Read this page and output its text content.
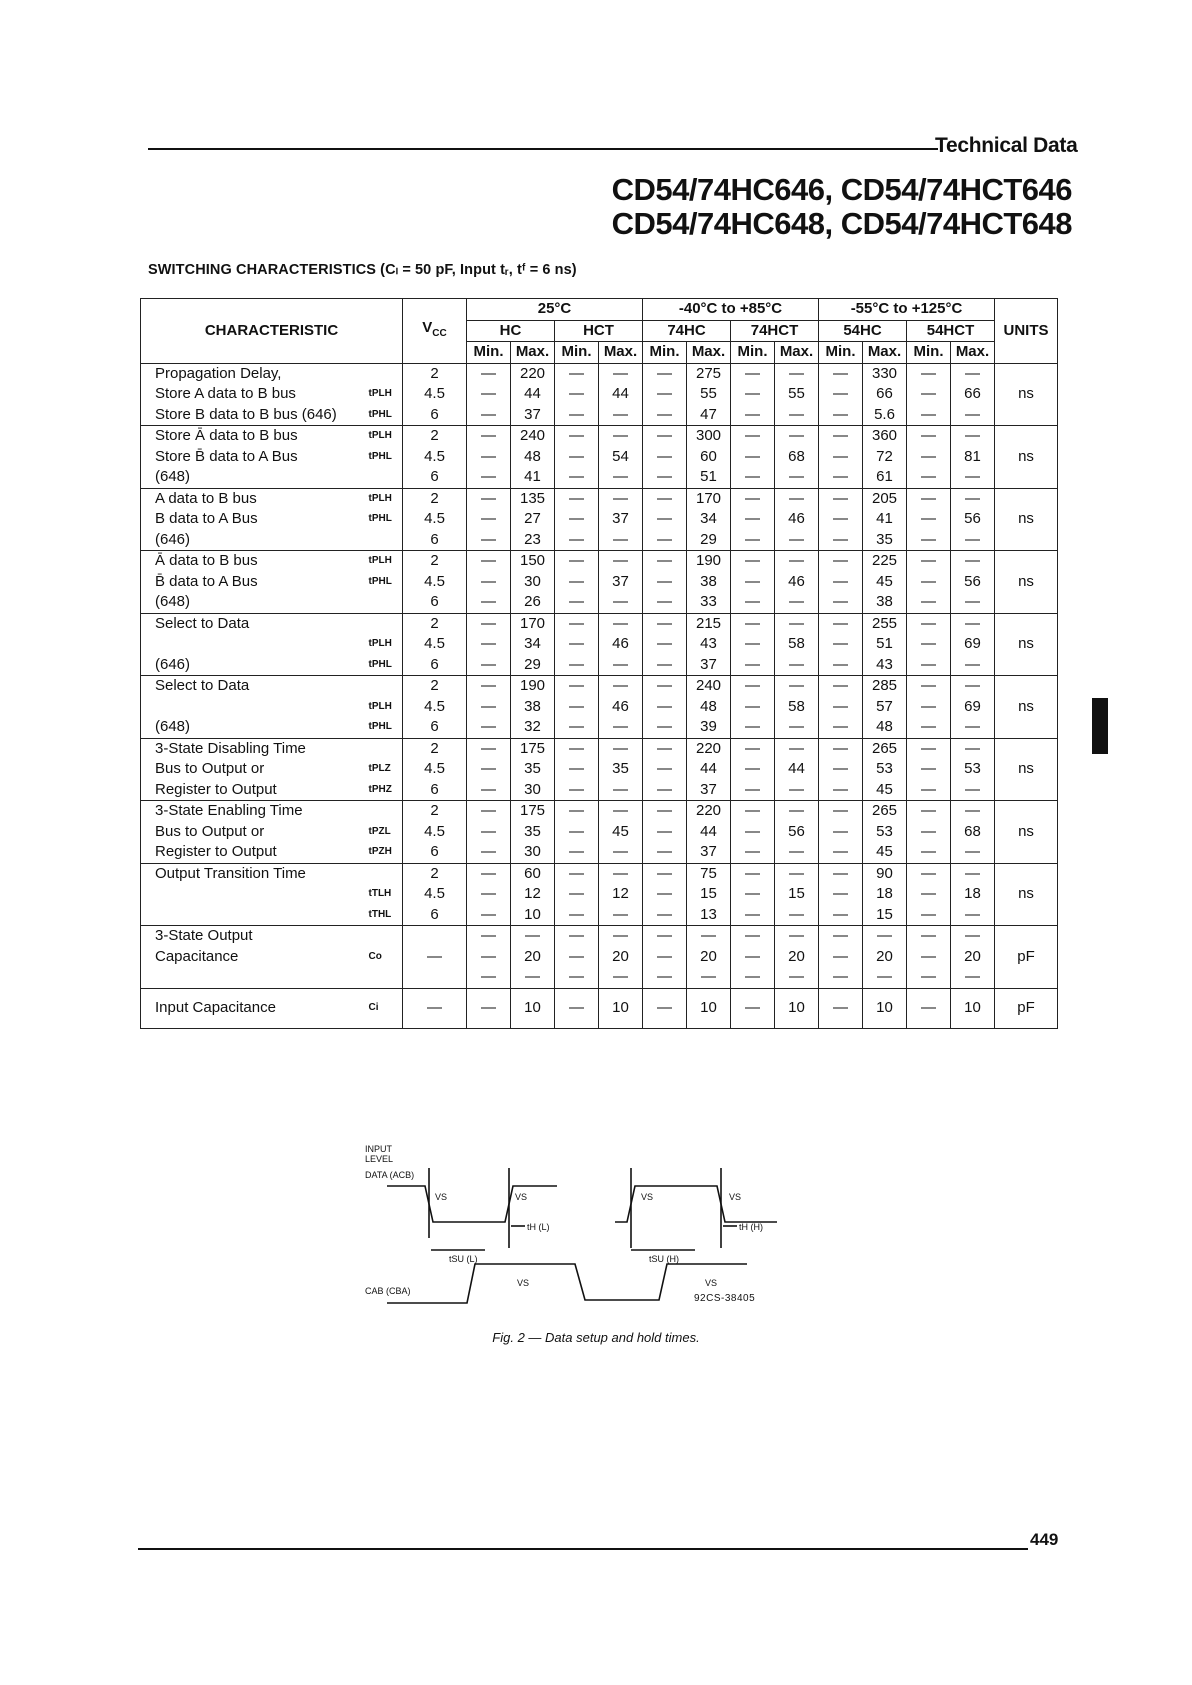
Technical Data
CD54/74HC646, CD54/74HCT646
CD54/74HC648, CD54/74HCT648
SWITCHING CHARACTERISTICS (Cₗ = 50 pF, Input tᵣ, tᶠ = 6 ns)
CHARACTERISTIC		$V_{CC}$	25°C				-40°C to +85°C				-55°C to +125°C				UNITS
			HC		HCT		74HC		74HCT		54HC		54HCT		
			Min.	Max.	Min.	Max.	Min.	Max.	Min.	Max.	Min.	Max.	Min.	Max.	
Propagation Delay,		2	—	220	—	—	—	275	—	—	—	330	—	—	ns
Store A data to B bus	tPLH	4.5	—	44	—	44	—	55	—	55	—	66	—	66	
Store B data to B bus (646)	tPHL	6	—	37	—	—	—	47	—	—	—	5.6	—	—	
Store Ā data to B bus	tPLH	2	—	240	—	—	—	300	—	—	—	360	—	—	ns
Store B̄ data to A Bus	tPHL	4.5	—	48	—	54	—	60	—	68	—	72	—	81	
(648)		6	—	41	—	—	—	51	—	—	—	61	—	—	
A data to B bus	tPLH	2	—	135	—	—	—	170	—	—	—	205	—	—	ns
B data to A Bus	tPHL	4.5	—	27	—	37	—	34	—	46	—	41	—	56	
(646)		6	—	23	—	—	—	29	—	—	—	35	—	—	
Ā data to B bus	tPLH	2	—	150	—	—	—	190	—	—	—	225	—	—	ns
B̄ data to A Bus	tPHL	4.5	—	30	—	37	—	38	—	46	—	45	—	56	
(648)		6	—	26	—	—	—	33	—	—	—	38	—	—	
Select to Data		2	—	170	—	—	—	215	—	—	—	255	—	—	ns
	tPLH	4.5	—	34	—	46	—	43	—	58	—	51	—	69	
(646)	tPHL	6	—	29	—	—	—	37	—	—	—	43	—	—	
Select to Data		2	—	190	—	—	—	240	—	—	—	285	—	—	ns
	tPLH	4.5	—	38	—	46	—	48	—	58	—	57	—	69	
(648)	tPHL	6	—	32	—	—	—	39	—	—	—	48	—	—	
3-State Disabling Time		2	—	175	—	—	—	220	—	—	—	265	—	—	ns
Bus to Output or	tPLZ	4.5	—	35	—	35	—	44	—	44	—	53	—	53	
Register to Output	tPHZ	6	—	30	—	—	—	37	—	—	—	45	—	—	
3-State Enabling Time		2	—	175	—	—	—	220	—	—	—	265	—	—	ns
Bus to Output or	tPZL	4.5	—	35	—	45	—	44	—	56	—	53	—	68	
Register to Output	tPZH	6	—	30	—	—	—	37	—	—	—	45	—	—	
Output Transition Time		2	—	60	—	—	—	75	—	—	—	90	—	—	ns
	tTLH	4.5	—	12	—	12	—	15	—	15	—	18	—	18	
	tTHL	6	—	10	—	—	—	13	—	—	—	15	—	—	
3-State Output			—	—	—	—	—	—	—	—	—	—	—	—	pF
Capacitance	Co	—	—	20	—	20	—	20	—	20	—	20	—	20	
			—	—	—	—	—	—	—	—	—	—	—	—	
Input Capacitance	Ci	—	—	10	—	10	—	10	—	10	—	10	—	10	pF
INPUT
LEVEL
DATA (ACB)
CAB (CBA)
VS	VS	VS	VS
VS	VS
tSU (L)
tH (L)
tSU (H)
tH (H)
92CS-38405
Fig. 2 — Data setup and hold times.
449
